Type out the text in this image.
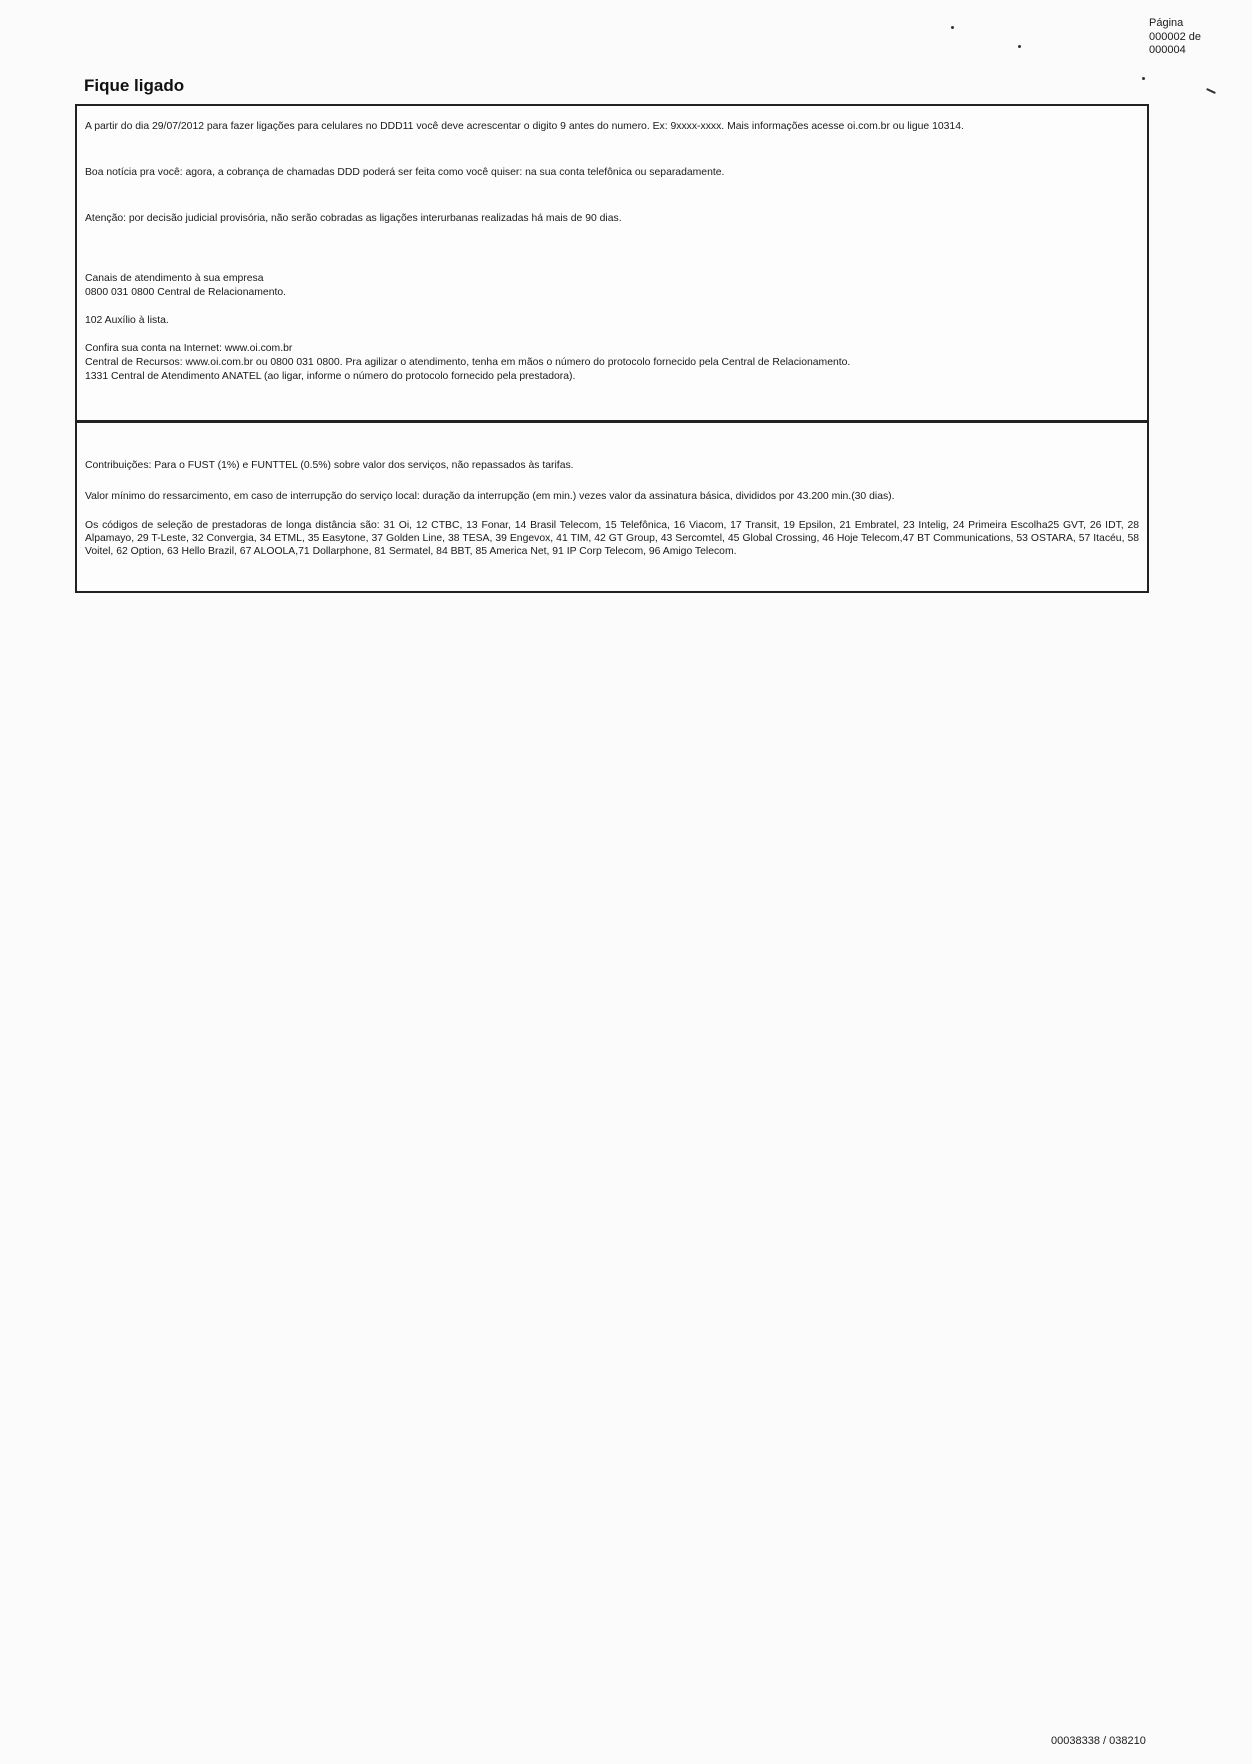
Página
000002 de
000004
Fique ligado
A partir do dia 29/07/2012 para fazer ligações para celulares no DDD11 você deve acrescentar o digito 9 antes do numero. Ex: 9xxxx-xxxx. Mais informações acesse oi.com.br ou ligue 10314.
Boa notícia pra você: agora, a cobrança de chamadas DDD poderá ser feita como você quiser: na sua conta telefônica ou separadamente.
Atenção: por decisão judicial provisória, não serão cobradas as ligações interurbanas realizadas há mais de 90 dias.
Canais de atendimento à sua empresa
0800 031 0800 Central de Relacionamento.
102 Auxílio à lista.
Confira sua conta na Internet: www.oi.com.br
Central de Recursos: www.oi.com.br ou 0800 031 0800. Pra agilizar o atendimento, tenha em mãos o número do protocolo fornecido pela Central de Relacionamento.
1331 Central de Atendimento ANATEL (ao ligar, informe o número do protocolo fornecido pela prestadora).
Contribuições: Para o FUST (1%) e FUNTTEL (0.5%) sobre valor dos serviços, não repassados às tarifas.
Valor mínimo do ressarcimento, em caso de interrupção do serviço local: duração da interrupção (em min.) vezes valor da assinatura básica, divididos por 43.200 min.(30 dias).
Os códigos de seleção de prestadoras de longa distância são: 31 Oi, 12 CTBC, 13 Fonar, 14 Brasil Telecom, 15 Telefônica, 16 Viacom, 17 Transit, 19 Epsilon, 21 Embratel, 23 Intelig, 24 Primeira Escolha25 GVT, 26 IDT, 28 Alpamayo, 29 T-Leste, 32 Convergia, 34 ETML, 35 Easytone, 37 Golden Line, 38 TESA, 39 Engevox, 41 TIM, 42 GT Group, 43 Sercomtel, 45 Global Crossing, 46 Hoje Telecom,47 BT Communications, 53 OSTARA, 57 Itacéu, 58 Voitel, 62 Option, 63 Hello Brazil, 67 ALOOLA,71 Dollarphone, 81 Sermatel, 84 BBT, 85 America Net, 91 IP Corp Telecom, 96 Amigo Telecom.
00038338 / 038210
